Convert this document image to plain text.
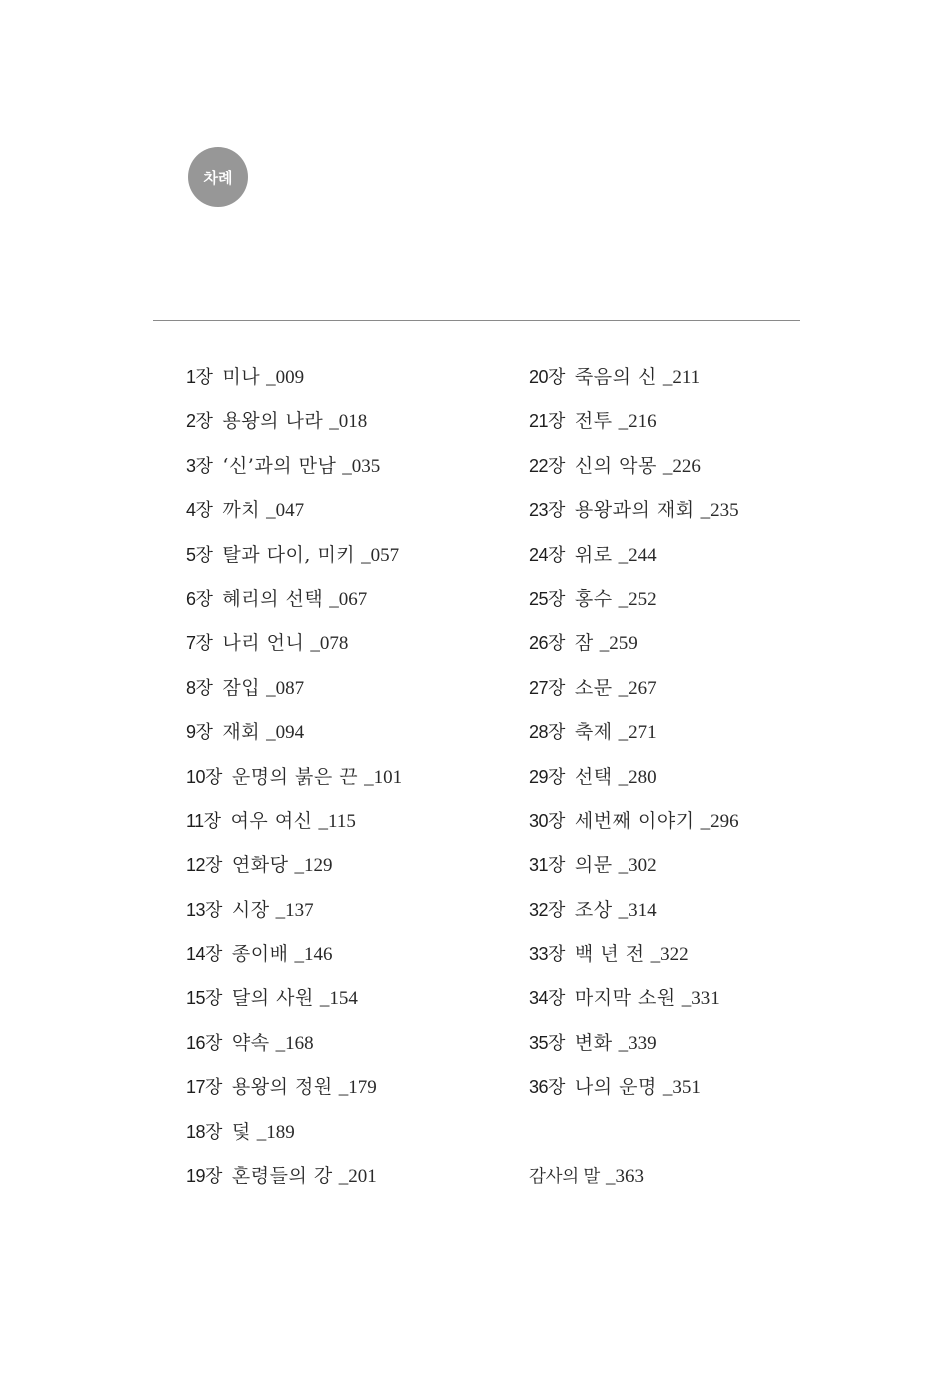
차례
1장 미나 _009
2장 용왕의 나라 _018
3장 ‘신’과의 만남 _035
4장 까치 _047
5장 탈과 다이, 미키 _057
6장 혜리의 선택 _067
7장 나리 언니 _078
8장 잠입 _087
9장 재회 _094
10장 운명의 붉은 끈 _101
11장 여우 여신 _115
12장 연화당 _129
13장 시장 _137
14장 종이배 _146
15장 달의 사원 _154
16장 약속 _168
17장 용왕의 정원 _179
18장 덫 _189
19장 혼령들의 강 _201
20장 죽음의 신 _211
21장 전투 _216
22장 신의 악몽 _226
23장 용왕과의 재회 _235
24장 위로 _244
25장 홍수 _252
26장 잠 _259
27장 소문 _267
28장 축제 _271
29장 선택 _280
30장 세번째 이야기 _296
31장 의문 _302
32장 조상 _314
33장 백 년 전 _322
34장 마지막 소원 _331
35장 변화 _339
36장 나의 운명 _351
감사의 말 _363
